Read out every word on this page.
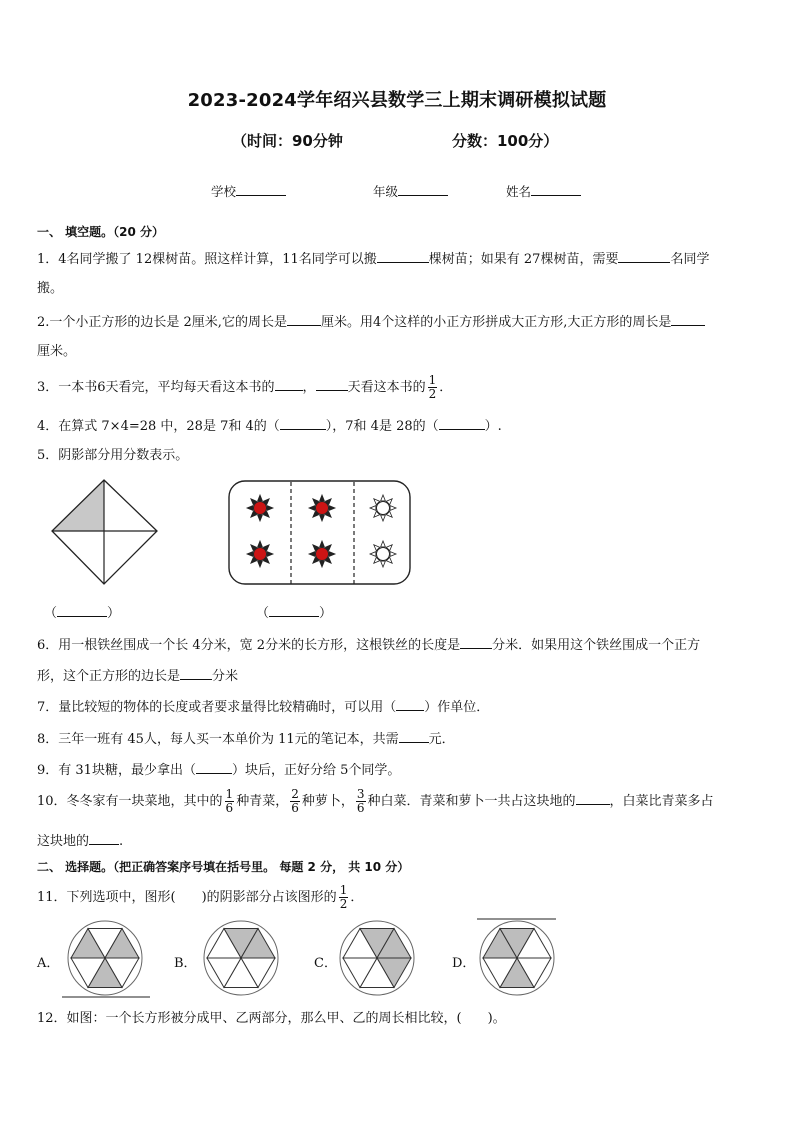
2023-2024学年绍兴县数学三上期末调研模拟试题
（时间：90分钟	分数：100分）
学校	年级	姓名
一、 填空题。（20 分）
1．4名同学搬了 12棵树苗。照这样计算，11名同学可以搬	棵树苗；如果有 27棵树苗，需要	名同学
搬。
2.一个小正方形的边长是 2厘米,它的周长是	厘米。用4个这样的小正方形拼成大正方形,大正方形的周长是
厘米。
3．一本书6天看完，平均每天看这本书的 ， 天看这本书的 $\frac{1}{2}$ ．
4．在算式 7×4=28 中，28是 7和 4的（	），7和 4是 28的（	）.
5．阴影部分用分数表示。
（	）	（	）
6．用一根铁丝围成一个长 4分米，宽 2分米的长方形，这根铁丝的长度是 分米．如果用这个铁丝围成一个正方
形，这个正方形的边长是 分米
7．量比较短的物体的长度或者要求量得比较精确时，可以用（ ）作单位．
8．三年一班有 45人，每人买一本单价为 11元的笔记本，共需 元．
9．有 31块糖，最少拿出（	）块后，正好分给 5个同学。
10．冬冬家有一块菜地，其中的 $\frac{1}{6}$ 种青菜， $\frac{2}{6}$ 种萝卜， $\frac{3}{6}$ 种白菜．青菜和萝卜一共占这块地的	，白菜比青菜多占
这块地的 .
二、 选择题。（把正确答案序号填在括号里。 每题 2 分， 共 10 分）
11．下列选项中，图形(　　)的阴影部分占该图形的 $\frac{1}{2}$ ．
A．	B．	C．	D．
12．如图：一个长方形被分成甲、乙两部分，那么甲、乙的周长相比较，(　　)。
